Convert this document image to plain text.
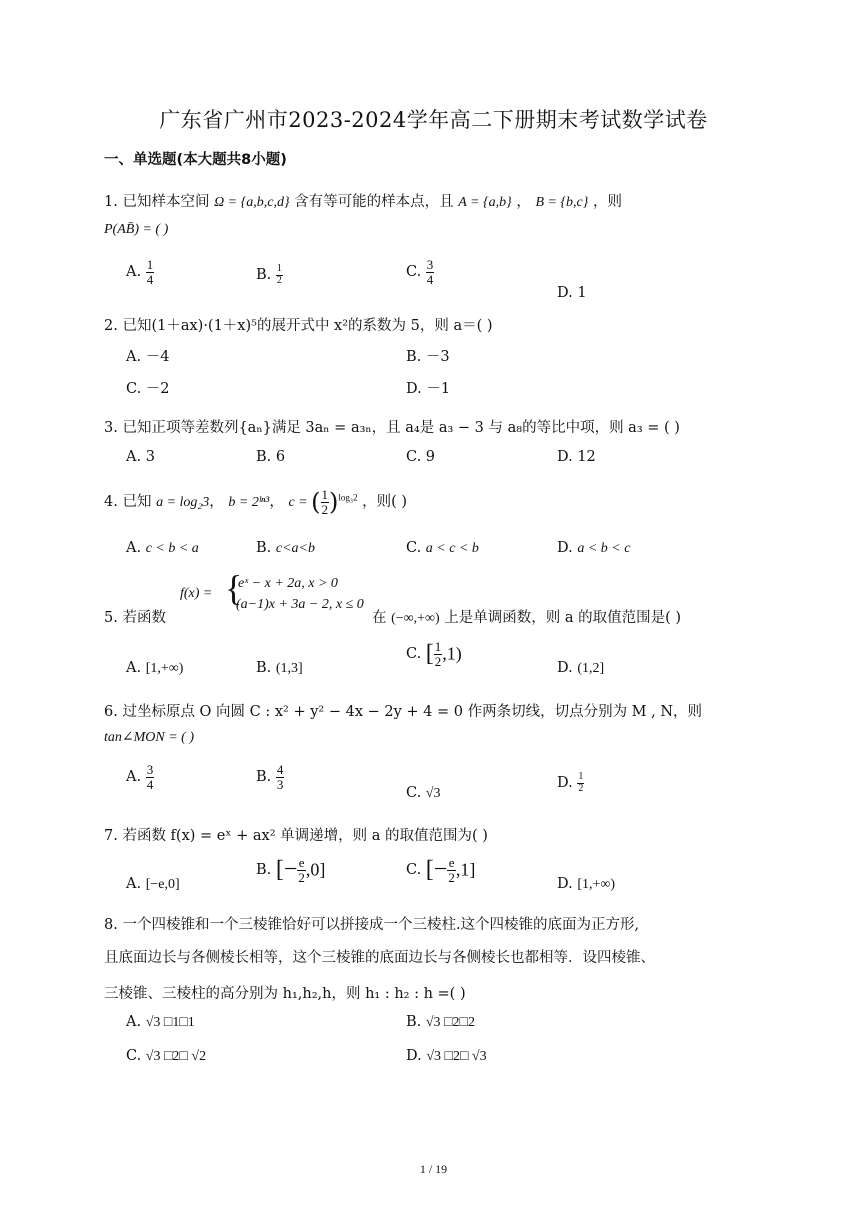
广东省广州市2023-2024学年高二下册期末考试数学试卷
一、单选题(本大题共8小题)
1. 已知样本空间 Ω = {a,b,c,d} 含有等可能的样本点，且 A = {a,b} ， B = {b,c} ，则
P(AB̄) = ( )
A. $\frac{1}{4}$	B. $\frac{1}{2}$	C. $\frac{3}{4}$
D. 1
2. 已知(1＋ax)·(1＋x)⁵的展开式中 x²的系数为 5，则 a＝( )
A. －4	B. －3
C. －2	D. －1
3. 已知正项等差数列{aₙ}满足 3aₙ = a₃ₙ，且 a₄是 a₃ − 3 与 a₈的等比中项，则 a₃ = ( )
A. 3	B. 6	C. 9	D. 12
4. 已知 a = log₂3， b = 2ˡⁿ³， c = ( $\frac{1}{2} )^{log_32}$ ，则( )
A. c < b < a	B. c<a<b	C. a < c < b	D. a < b < c
5. 若函数
f(x) = {
eˣ − x + 2a, x > 0
(a−1)x + 3a − 2, x ≤ 0
在 (−∞,+∞) 上是单调函数，则 a 的取值范围是( )
A. [1,+∞)	B. (1,3]
C. [ $\frac{1}{2} ,1$)
D. (1,2]
6. 过坐标原点 O 向圆 C : x² + y² − 4x − 2y + 4 = 0 作两条切线，切点分别为 M , N，则
tan∠MON = ( )
A. $\frac{3}{4}$	B. $\frac{4}{3}$
C. √3
D. $\frac{1}{2}$
7. 若函数 f(x) = eˣ + ax² 单调递增，则 a 的取值范围为( )
A. [−e,0]
B. [− $\frac{e}{2} ,0$]	C. [− $\frac{e}{2} ,1$]
D. [1,+∞)
8. 一个四棱锥和一个三棱锥恰好可以拼接成一个三棱柱.这个四棱锥的底面为正方形,
且底面边长与各侧棱长相等，这个三棱锥的底面边长与各侧棱长也都相等．设四棱锥、
三棱锥、三棱柱的高分别为 h₁,h₂,h，则 h₁ : h₂ : h =( )
A. √3 □1□1	B. √3 □2□2
C. √3 □2□ √2	D. √3 □2□ √3
1 / 19
